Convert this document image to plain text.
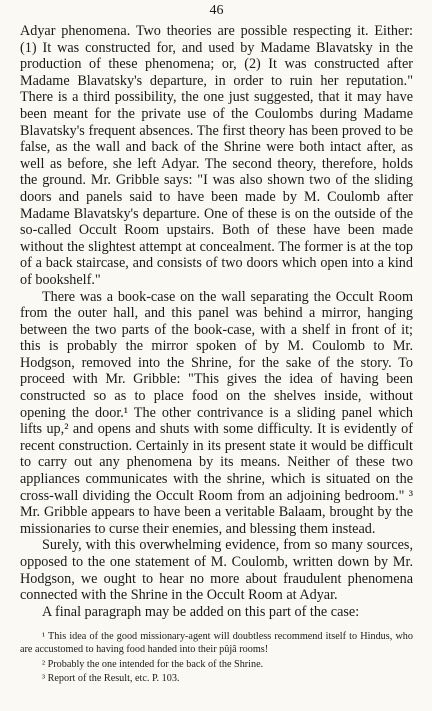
46

Adyar phenomena. Two theories are possible respecting it. Either: (1) It was constructed for, and used by Madame Blavatsky in the production of these phenomena; or, (2) It was constructed after Madame Blavatsky's departure, in order to ruin her reputation." There is a third possibility, the one just suggested, that it may have been meant for the private use of the Coulombs during Madame Blavatsky's frequent absences. The first theory has been proved to be false, as the wall and back of the Shrine were both intact after, as well as before, she left Adyar. The second theory, therefore, holds the ground. Mr. Gribble says: "I was also shown two of the sliding doors and panels said to have been made by M. Coulomb after Madame Blavatsky's departure. One of these is on the outside of the so-called Occult Room upstairs. Both of these have been made without the slightest attempt at concealment. The former is at the top of a back staircase, and consists of two doors which open into a kind of bookshelf."

There was a book-case on the wall separating the Occult Room from the outer hall, and this panel was behind a mirror, hanging between the two parts of the book-case, with a shelf in front of it; this is probably the mirror spoken of by M. Coulomb to Mr. Hodgson, removed into the Shrine, for the sake of the story. To proceed with Mr. Gribble: "This gives the idea of having been constructed so as to place food on the shelves inside, without opening the door.¹ The other contrivance is a sliding panel which lifts up,² and opens and shuts with some difficulty. It is evidently of recent construction. Certainly in its present state it would be difficult to carry out any phenomena by its means. Neither of these two appliances communicates with the shrine, which is situated on the cross-wall dividing the Occult Room from an adjoining bedroom." ³ Mr. Gribble appears to have been a veritable Balaam, brought by the missionaries to curse their enemies, and blessing them instead.

Surely, with this overwhelming evidence, from so many sources, opposed to the one statement of M. Coulomb, written down by Mr. Hodgson, we ought to hear no more about fraudulent phenomena connected with the Shrine in the Occult Room at Adyar.

A final paragraph may be added on this part of the case:

¹ This idea of the good missionary-agent will doubtless recommend itself to Hindus, who are accustomed to having food handed into their pûjâ rooms!

² Probably the one intended for the back of the Shrine.

³ Report of the Result, etc. P. 103.
